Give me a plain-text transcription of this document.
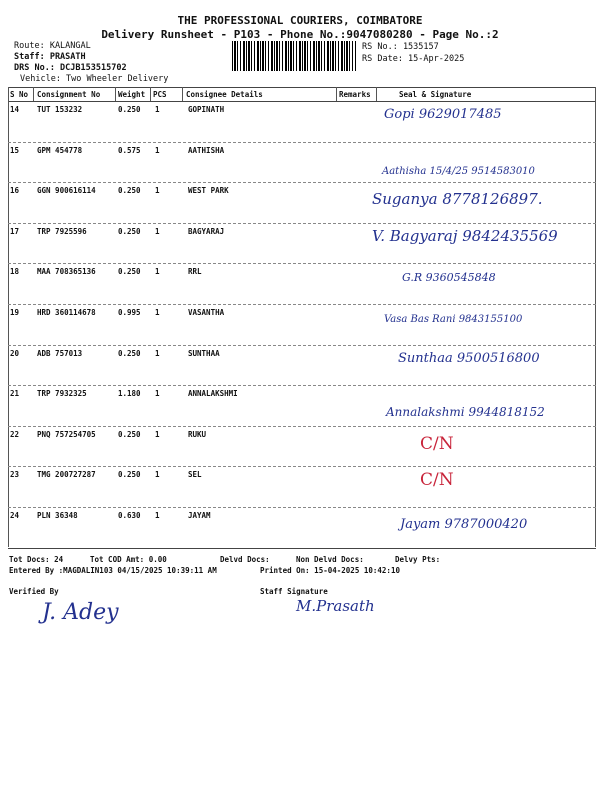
THE PROFESSIONAL COURIERS, COIMBATORE
Delivery Runsheet - P103 - Phone No.:9047080280 - Page No.:2
Route: KALANGAL
Staff: PRASATH
DRS No.: DCJB153515702
Vehicle: Two Wheeler Delivery
RS No.: 1535157
RS Date: 15-Apr-2025
S No Consignment No Weight PCS	Consignee Details	Remarks	Seal & Signature
14 TUT 153232	0.250 1	GOPINATH	Gopi 9629017485
15 GPM 454778	0.575 1	AATHISHA
Aathisha 15/4/25 9514583010
16 GGN 900616114	0.250 1	WEST PARK	Suganya 8778126897.
17 TRP 7925596	0.250 1	BAGYARAJ	V. Bagyaraj 9842435569
18 MAA 708365136	0.250 1	RRL	G.R 9360545848
19 HRD 360114678	0.995 1	VASANTHA
Vasa Bas Rani 9843155100
20 ADB 757013	0.250 1	SUNTHAA	Sunthaa 9500516800
21 TRP 7932325	1.180 1	ANNALAKSHMI
Annalakshmi 9944818152
22 PNQ 757254705	0.250 1	RUKU	C/N
23 TMG 200727287	0.250 1	SEL	C/N
24 PLN 36348	0.630 1	JAYAM
Jayam 9787000420
Tot Docs: 24	Tot COD Amt: 0.00	Delvd Docs:	Non Delvd Docs:	Delvy Pts:
Entered By :MAGDALIN103 04/15/2025 10:39:11 AM	Printed On: 15-04-2025 10:42:10
Verified By	Staff Signature
J. Adey	M.Prasath
